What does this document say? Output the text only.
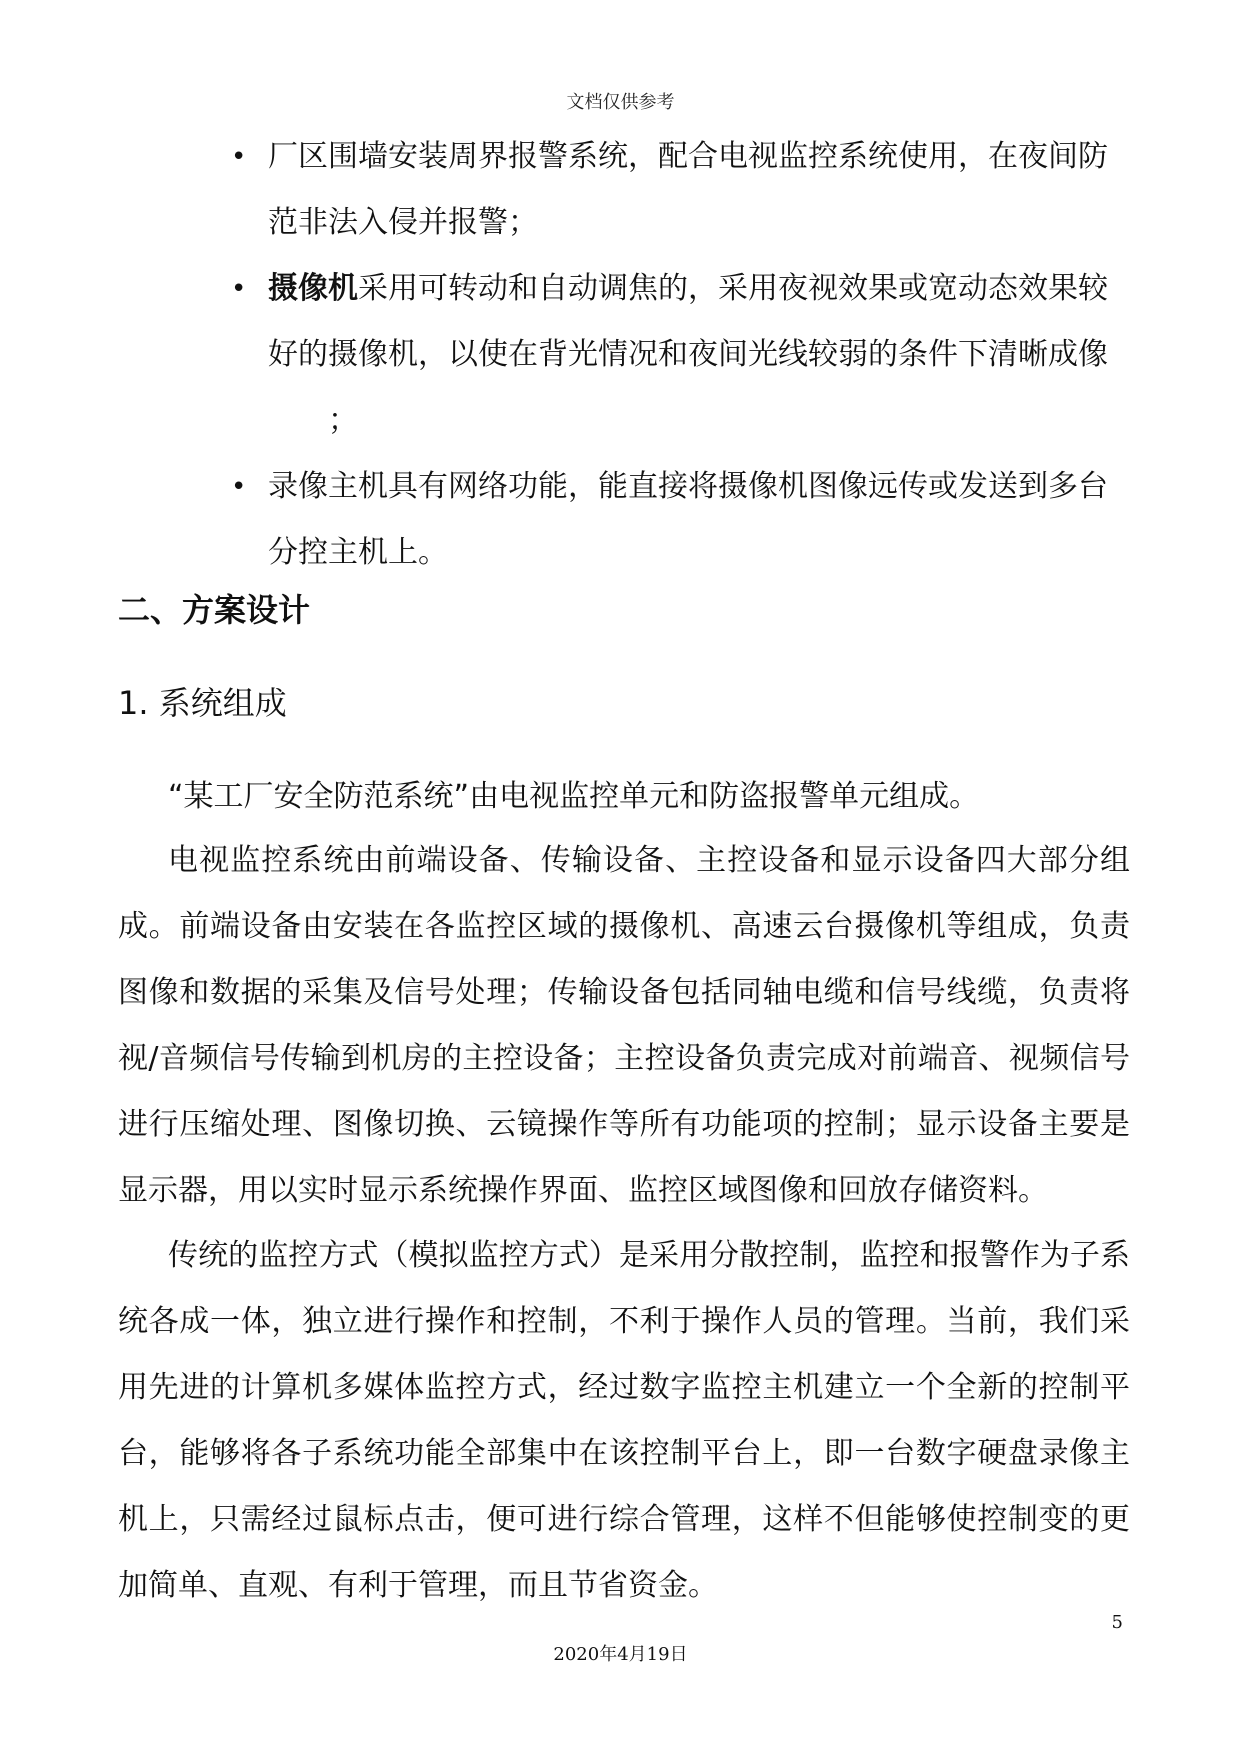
文档仅供参考
• 厂区围墙安装周界报警系统，配合电视监控系统使用，在夜间防范非法入侵并报警；
• 摄像机采用可转动和自动调焦的，采用夜视效果或宽动态效果较好的摄像机，以使在背光情况和夜间光线较弱的条件下清晰成像
；
• 录像主机具有网络功能，能直接将摄像机图像远传或发送到多台分控主机上。
二、方案设计
1. 系统组成
“某工厂安全防范系统”由电视监控单元和防盗报警单元组成。
电视监控系统由前端设备、传输设备、主控设备和显示设备四大部分组成。前端设备由安装在各监控区域的摄像机、高速云台摄像机等组成，负责图像和数据的采集及信号处理；传输设备包括同轴电缆和信号线缆，负责将视/音频信号传输到机房的主控设备；主控设备负责完成对前端音、视频信号进行压缩处理、图像切换、云镜操作等所有功能项的控制；显示设备主要是显示器，用以实时显示系统操作界面、监控区域图像和回放存储资料。
传统的监控方式（模拟监控方式）是采用分散控制，监控和报警作为子系统各成一体，独立进行操作和控制，不利于操作人员的管理。当前，我们采用先进的计算机多媒体监控方式，经过数字监控主机建立一个全新的控制平台，能够将各子系统功能全部集中在该控制平台上，即一台数字硬盘录像主机上，只需经过鼠标点击，便可进行综合管理，这样不但能够使控制变的更加简单、直观、有利于管理，而且节省资金。
5
2020年4月19日
